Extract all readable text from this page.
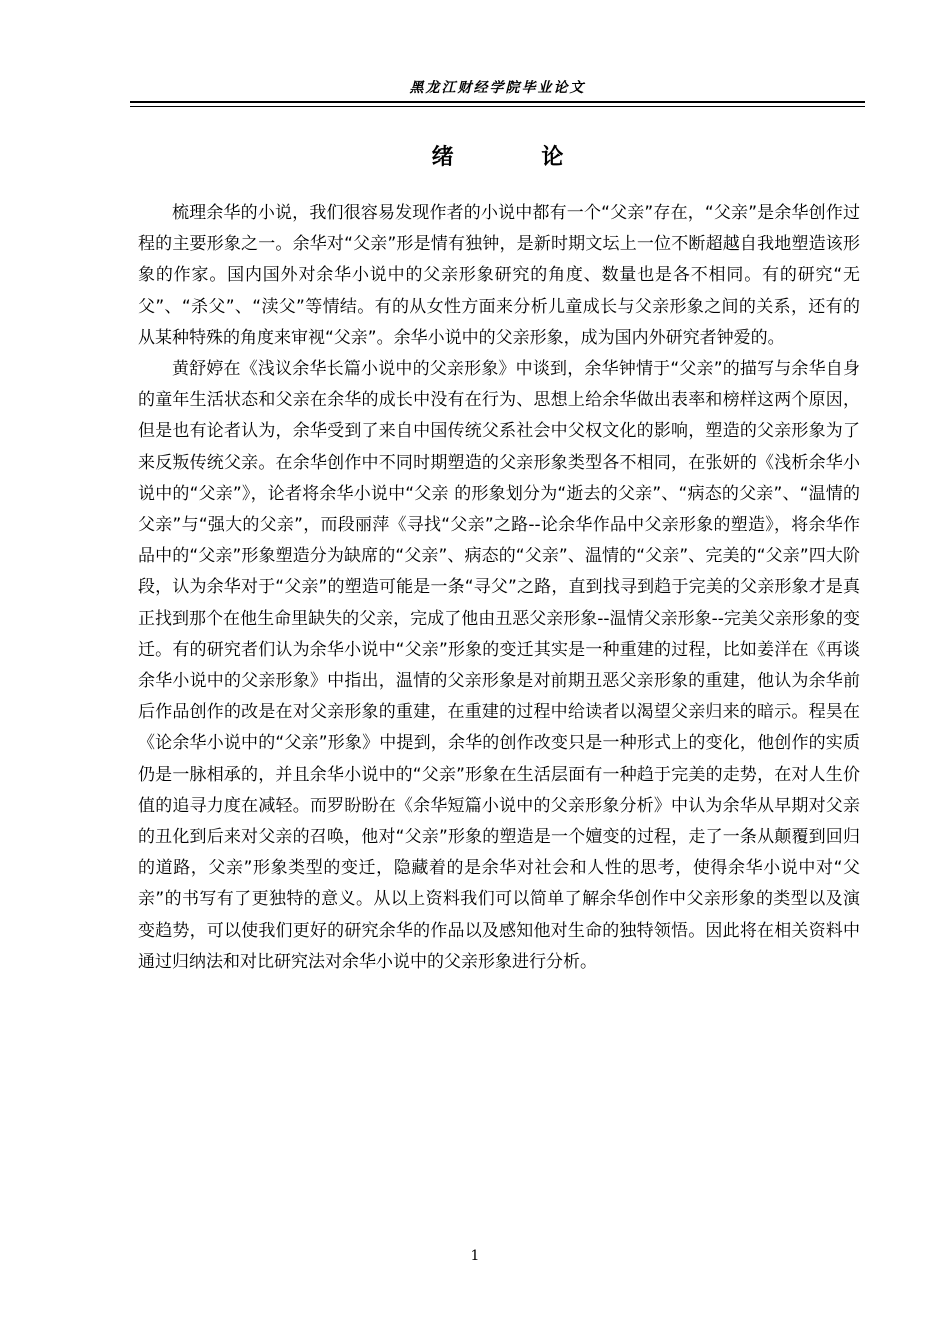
黑龙江财经学院毕业论文
绪 论

梳理余华的小说，我们很容易发现作者的小说中都有一个“父亲”存在，“父亲”是余华创作过程的主要形象之一。余华对“父亲”形是情有独钟，是新时期文坛上一位不断超越自我地塑造该形象的作家。国内国外对余华小说中的父亲形象研究的角度、数量也是各不相同。有的研究“无父”、“杀父”、“渎父”等情结。有的从女性方面来分析儿童成长与父亲形象之间的关系，还有的从某种特殊的角度来审视“父亲”。余华小说中的父亲形象，成为国内外研究者钟爱的。

黄舒婷在《浅议余华长篇小说中的父亲形象》中谈到，余华钟情于“父亲”的描写与余华自身的童年生活状态和父亲在余华的成长中没有在行为、思想上给余华做出表率和榜样这两个原因，但是也有论者认为，余华受到了来自中国传统父系社会中父权文化的影响，塑造的父亲形象为了来反叛传统父亲。在余华创作中不同时期塑造的父亲形象类型各不相同，在张妍的《浅析余华小说中的“父亲”》，论者将余华小说中“父亲 的形象划分为“逝去的父亲”、“病态的父亲”、“温情的父亲”与“强大的父亲”，而段丽萍《寻找“父亲”之路--论余华作品中父亲形象的塑造》，将余华作品中的“父亲”形象塑造分为缺席的“父亲”、病态的“父亲”、温情的“父亲”、完美的“父亲”四大阶段，认为余华对于“父亲”的塑造可能是一条“寻父”之路，直到找寻到趋于完美的父亲形象才是真正找到那个在他生命里缺失的父亲，完成了他由丑恶父亲形象--温情父亲形象--完美父亲形象的变迁。有的研究者们认为余华小说中“父亲”形象的变迁其实是一种重建的过程，比如姜洋在《再谈余华小说中的父亲形象》中指出，温情的父亲形象是对前期丑恶父亲形象的重建，他认为余华前后作品创作的改是在对父亲形象的重建，在重建的过程中给读者以渴望父亲归来的暗示。程昊在《论余华小说中的“父亲”形象》中提到，余华的创作改变只是一种形式上的变化，他创作的实质仍是一脉相承的，并且余华小说中的“父亲”形象在生活层面有一种趋于完美的走势，在对人生价值的追寻力度在减轻。而罗盼盼在《余华短篇小说中的父亲形象分析》中认为余华从早期对父亲的丑化到后来对父亲的召唤，他对“父亲”形象的塑造是一个嬗变的过程，走了一条从颠覆到回归的道路，父亲”形象类型的变迁，隐藏着的是余华对社会和人性的思考，使得余华小说中对“父亲”的书写有了更独特的意义。从以上资料我们可以简单了解余华创作中父亲形象的类型以及演变趋势，可以使我们更好的研究余华的作品以及感知他对生命的独特领悟。因此将在相关资料中通过归纳法和对比研究法对余华小说中的父亲形象进行分析。

1
